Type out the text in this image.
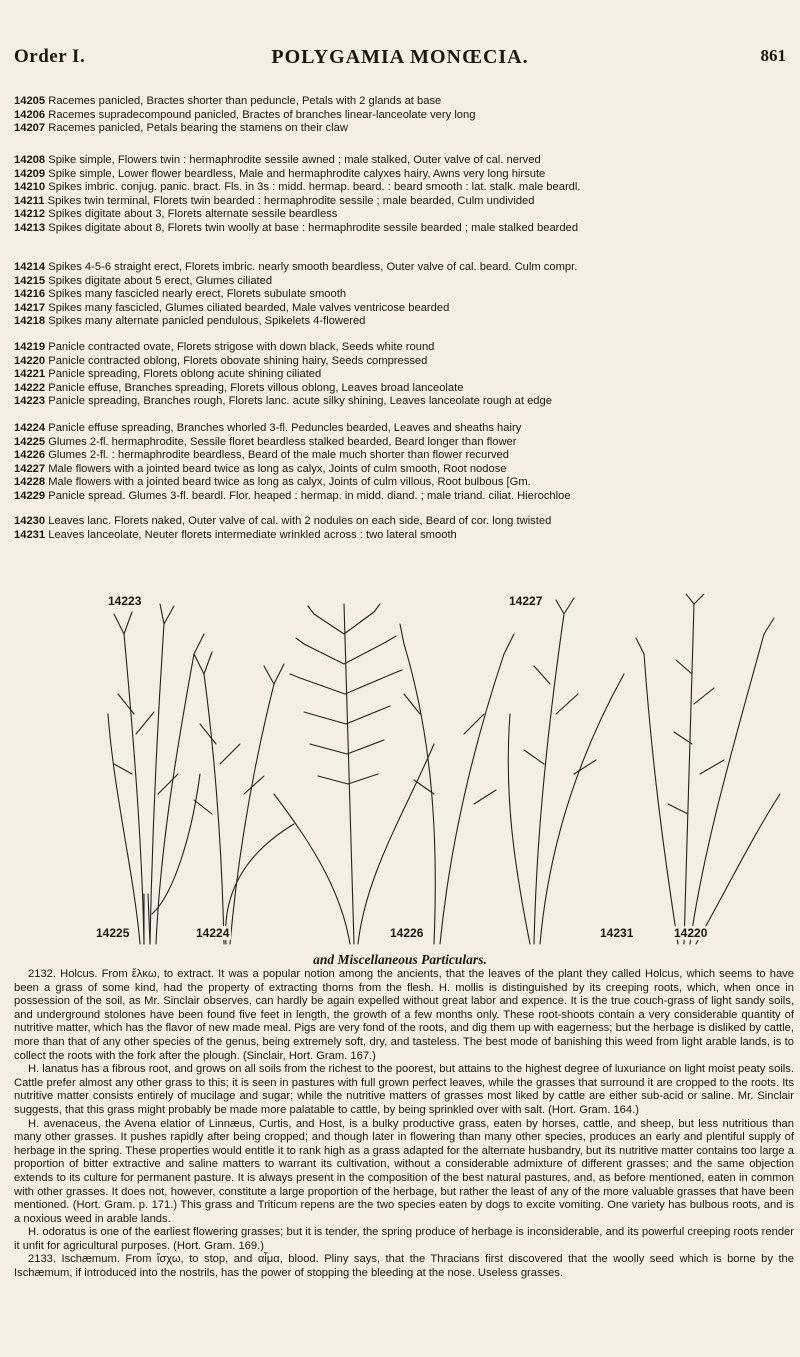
Order I.	POLYGAMIA MONŒCIA.	861
14205 Racemes panicled, Bractes shorter than peduncle, Petals with 2 glands at base
14206 Racemes supradecompound panicled, Bractes of branches linear-lanceolate very long
14207 Racemes panicled, Petals bearing the stamens on their claw
14208 Spike simple, Flowers twin : hermaphrodite sessile awned ; male stalked, Outer valve of cal. nerved
14209 Spike simple, Lower flower beardless, Male and hermaphrodite calyxes hairy, Awns very long hirsute
14210 Spikes imbric. conjug. panic. bract. Fls. in 3s : midd. hermap. beard. : beard smooth : lat. stalk. male beardl.
14211 Spikes twin terminal, Florets twin bearded : hermaphrodite sessile ; male bearded, Culm undivided
14212 Spikes digitate about 3, Florets alternate sessile beardless
14213 Spikes digitate about 8, Florets twin woolly at base : hermaphrodite sessile bearded ; male stalked bearded
14214 Spikes 4-5-6 straight erect, Florets imbric. nearly smooth beardless, Outer valve of cal. beard. Culm compr.
14215 Spikes digitate about 5 erect, Glumes ciliated
14216 Spikes many fascicled nearly erect, Florets subulate smooth
14217 Spikes many fascicled, Glumes ciliated bearded, Male valves ventricose bearded
14218 Spikes many alternate panicled pendulous, Spikelets 4-flowered
14219 Panicle contracted ovate, Florets strigose with down black, Seeds white round
14220 Panicle contracted oblong, Florets obovate shining hairy, Seeds compressed
14221 Panicle spreading, Florets oblong acute shining ciliated
14222 Panicle effuse, Branches spreading, Florets villous oblong, Leaves broad lanceolate
14223 Panicle spreading, Branches rough, Florets lanc. acute silky shining, Leaves lanceolate rough at edge
14224 Panicle effuse spreading, Branches whorled 3-fl. Peduncles bearded, Leaves and sheaths hairy
14225 Glumes 2-fl. hermaphrodite, Sessile floret beardless stalked bearded, Beard longer than flower
14226 Glumes 2-fl. : hermaphrodite beardless, Beard of the male much shorter than flower recurved
14227 Male flowers with a jointed beard twice as long as calyx, Joints of culm smooth, Root nodose
14228 Male flowers with a jointed beard twice as long as calyx, Joints of culm villous, Root bulbous [Gm.
14229 Panicle spread. Glumes 3-fl. beardl. Flor. heaped : hermap. in midd. diand. ; male triand. ciliat. Hierochloe
14230 Leaves lanc. Florets naked, Outer valve of cal. with 2 nodules on each side, Beard of cor. long twisted
14231 Leaves lanceolate, Neuter florets intermediate wrinkled across : two lateral smooth
14223	14227
14225	14224	14226	14231	14220
and Miscellaneous Particulars.

2132. Holcus. From ἕλκω, to extract. It was a popular notion among the ancients, that the leaves of the plant they called Holcus, which seems to have been a grass of some kind, had the property of extracting thorns from the flesh. H. mollis is distinguished by its creeping roots, which, when once in possession of the soil, as Mr. Sinclair observes, can hardly be again expelled without great labor and expence. It is the true couch-grass of light sandy soils, and underground stolones have been found five feet in length, the growth of a few months only. These root-shoots contain a very considerable quantity of nutritive matter, which has the flavor of new made meal. Pigs are very fond of the roots, and dig them up with eagerness; but the herbage is disliked by cattle, more than that of any other species of the genus, being extremely soft, dry, and tasteless. The best mode of banishing this weed from light arable lands, is to collect the roots with the fork after the plough. (Sinclair, Hort. Gram. 167.)

H. lanatus has a fibrous root, and grows on all soils from the richest to the poorest, but attains to the highest degree of luxuriance on light moist peaty soils. Cattle prefer almost any other grass to this; it is seen in pastures with full grown perfect leaves, while the grasses that surround it are cropped to the roots. Its nutritive matter consists entirely of mucilage and sugar; while the nutritive matters of grasses most liked by cattle are either sub-acid or saline. Mr. Sinclair suggests, that this grass might probably be made more palatable to cattle, by being sprinkled over with salt. (Hort. Gram. 164.)

H. avenaceus, the Avena elatior of Linnæus, Curtis, and Host, is a bulky productive grass, eaten by horses, cattle, and sheep, but less nutritious than many other grasses. It pushes rapidly after being cropped; and though later in flowering than many other species, produces an early and plentiful supply of herbage in the spring. These properties would entitle it to rank high as a grass adapted for the alternate husbandry, but its nutritive matter contains too large a proportion of bitter extractive and saline matters to warrant its cultivation, without a considerable admixture of different grasses; and the same objection extends to its culture for permanent pasture. It is always present in the composition of the best natural pastures, and, as before mentioned, eaten in common with other grasses. It does not, however, constitute a large proportion of the herbage, but rather the least of any of the more valuable grasses that have been mentioned. (Hort. Gram. p. 171.) This grass and Triticum repens are the two species eaten by dogs to excite vomiting. One variety has bulbous roots, and is a noxious weed in arable lands.

H. odoratus is one of the earliest flowering grasses; but it is tender, the spring produce of herbage is inconsiderable, and its powerful creeping roots render it unfit for agricultural purposes. (Hort. Gram. 169.)

2133. Ischæmum. From ἴσχω, to stop, and αἷμα, blood. Pliny says, that the Thracians first discovered that the woolly seed which is borne by the Ischæmum, if introduced into the nostrils, has the power of stopping the bleeding at the nose. Useless grasses.
